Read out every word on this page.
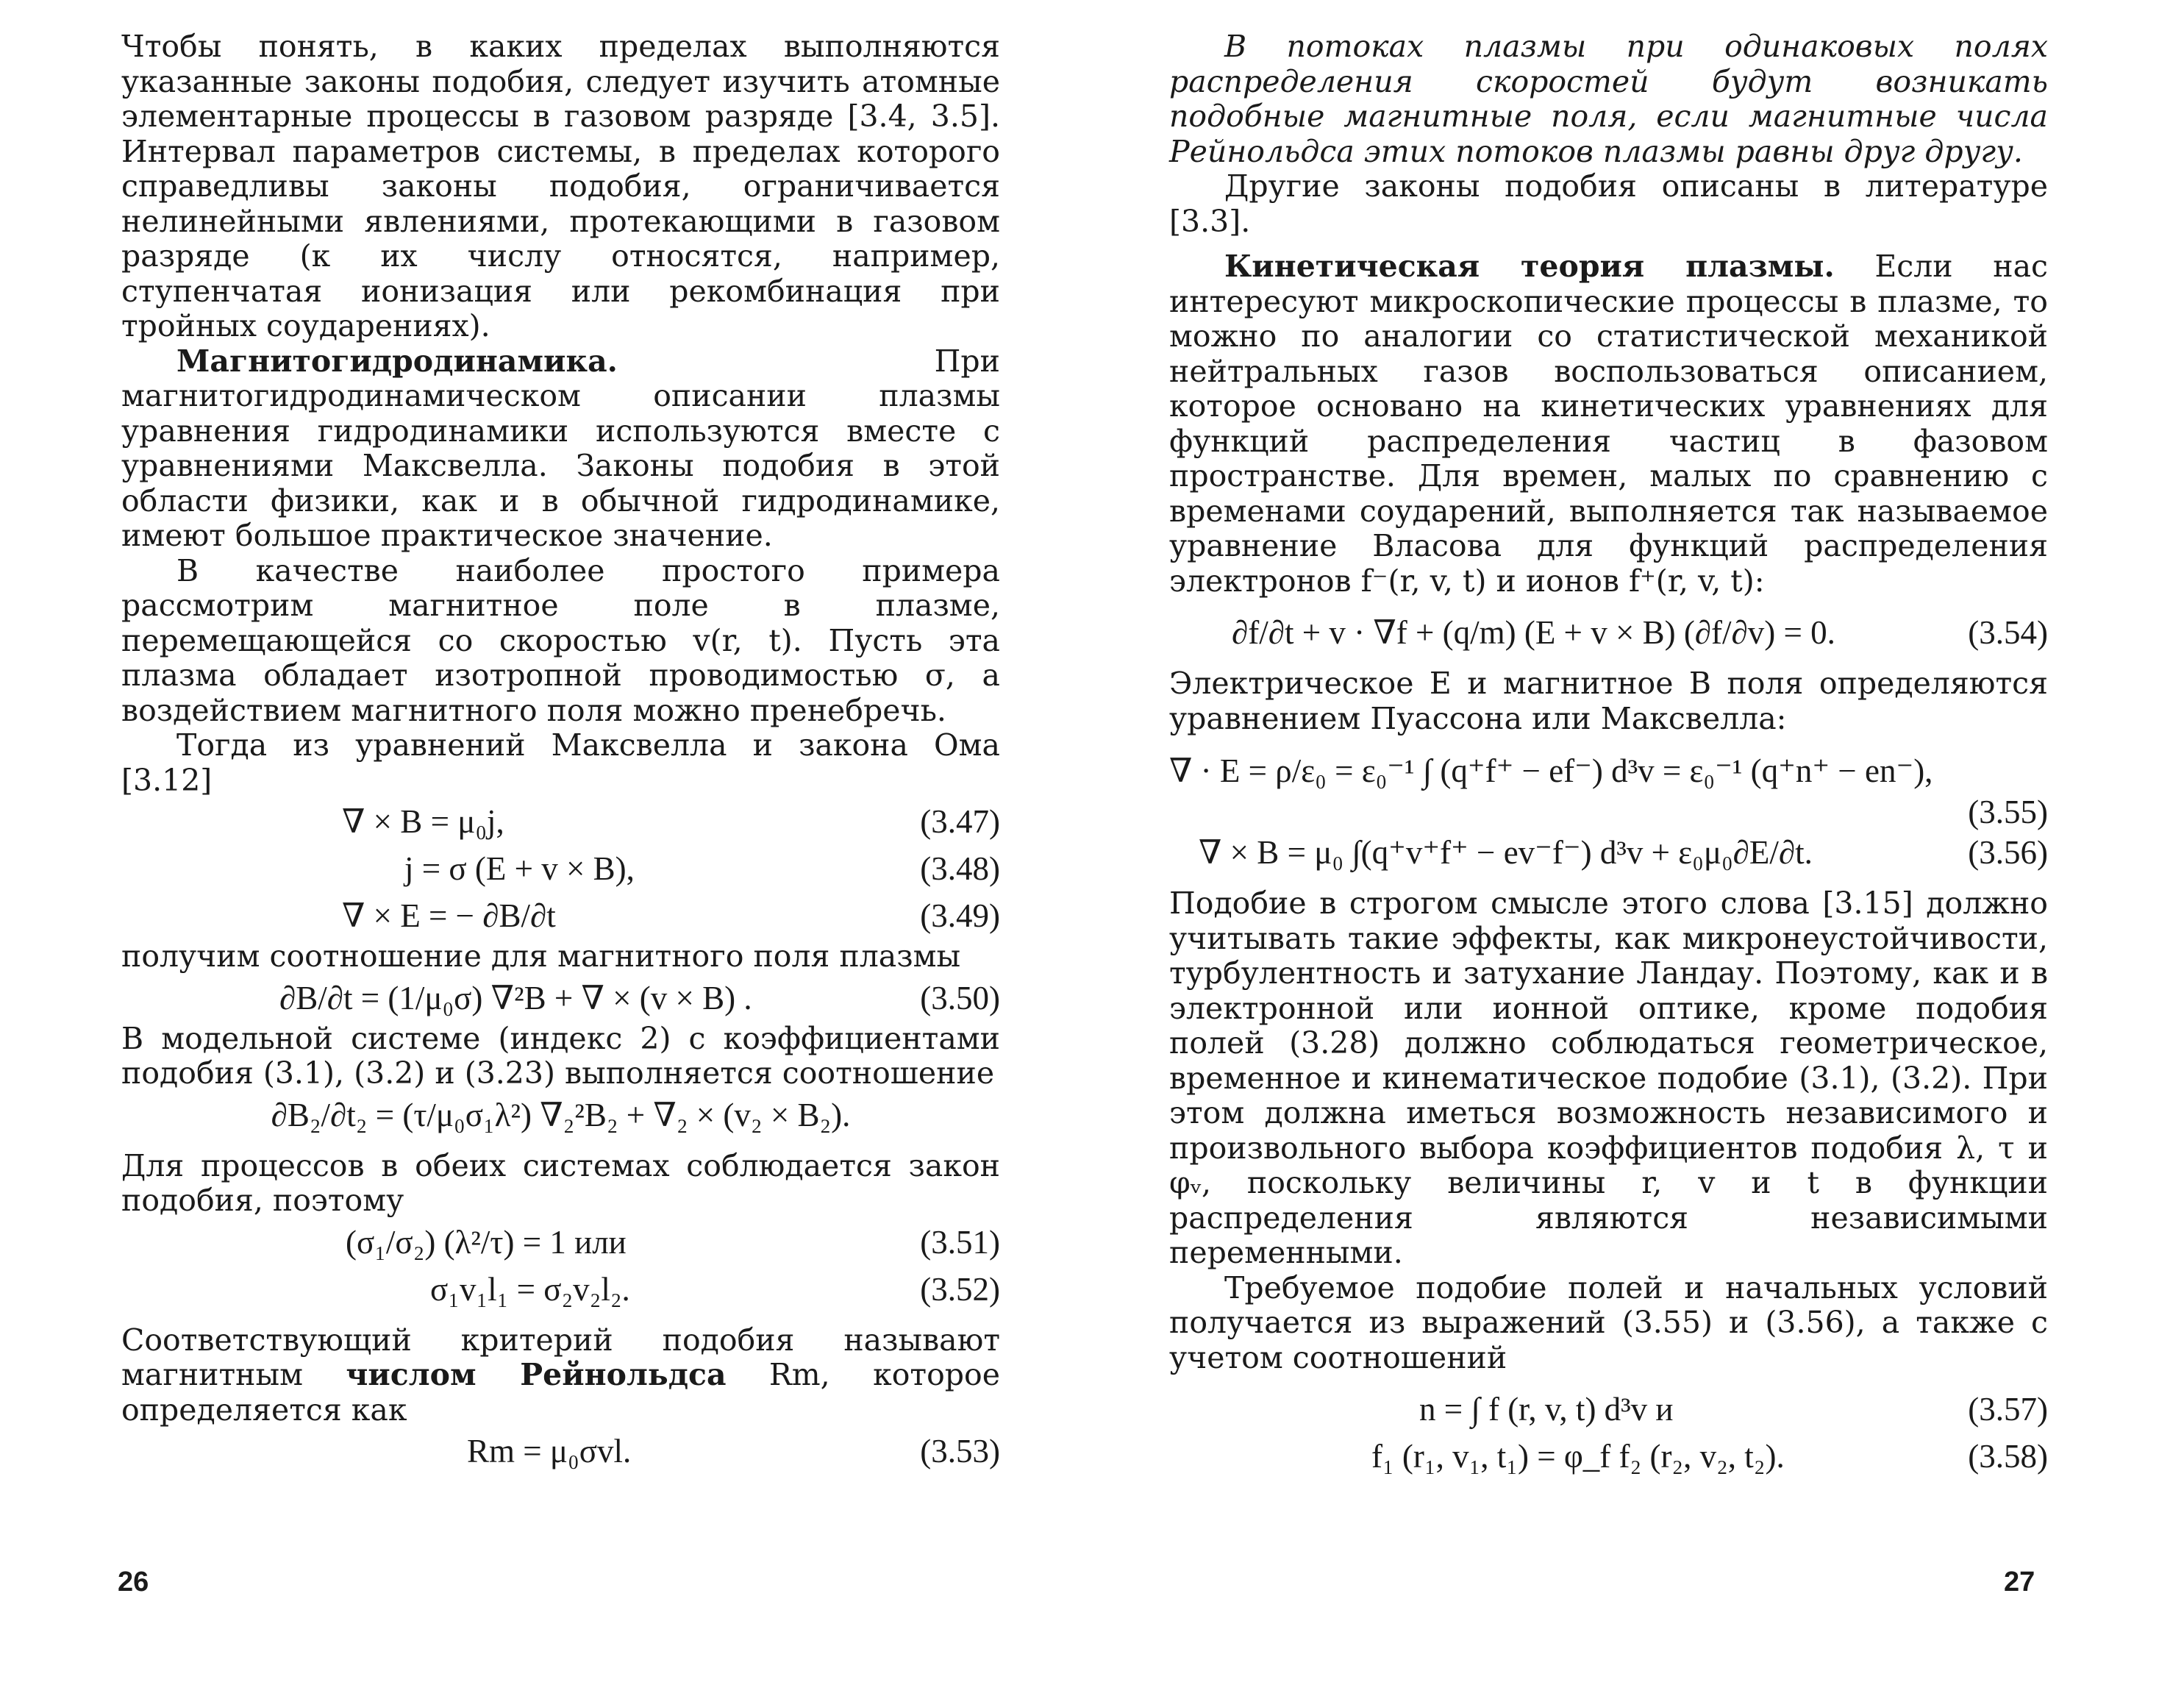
Чтобы понять, в каких пределах выполняются указанные законы подобия, следует изучить атомные элементарные процессы в газовом разряде [3.4, 3.5]. Интервал параметров системы, в пределах которого справедливы законы подобия, ограничивается нелинейными явлениями, протекающими в газовом разряде (к их числу относятся, например, ступенчатая ионизация или рекомбинация при тройных соударениях).

Магнитогидродинамика. При магнитогидродинамическом описании плазмы уравнения гидродинамики используются вместе с уравнениями Максвелла. Законы подобия в этой области физики, как и в обычной гидродинамике, имеют большое практическое значение.

В качестве наиболее простого примера рассмотрим магнитное поле в плазме, перемещающейся со скоростью v(r, t). Пусть эта плазма обладает изотропной проводимостью σ, а воздействием магнитного поля можно пренебречь.

Тогда из уравнений Максвелла и закона Ома [3.12]

∇ × B = μ₀j,	(3.47)
j = σ (E + v × B),	(3.48)
∇ × E = − ∂B/∂t	(3.49)

получим соотношение для магнитного поля плазмы

∂B/∂t = (1/μ₀σ) ∇²B + ∇ × (v × B) .	(3.50)

В модельной системе (индекс 2) с коэффициентами подобия (3.1), (3.2) и (3.23) выполняется соотношение

∂B₂/∂t₂ = (τ/μ₀σ₁λ²) ∇₂²B₂ + ∇₂ × (v₂ × B₂).

Для процессов в обеих системах соблюдается закон подобия, поэтому

(σ₁/σ₂) (λ²/τ) = 1 или	(3.51)
σ₁v₁l₁ = σ₂v₂l₂.	(3.52)

Соответствующий критерий подобия называют магнитным числом Рейнольдса Rm, которое определяется как

Rm = μ₀σvl.	(3.53)

В потоках плазмы при одинаковых полях распределения скоростей будут возникать подобные магнитные поля, если магнитные числа Рейнольдса этих потоков плазмы равны друг другу.

Другие законы подобия описаны в литературе [3.3].

Кинетическая теория плазмы. Если нас интересуют микроскопические процессы в плазме, то можно по аналогии со статистической механикой нейтральных газов воспользоваться описанием, которое основано на кинетических уравнениях для функций распределения частиц в фазовом пространстве. Для времен, малых по сравнению с временами соударений, выполняется так называемое уравнение Власова для функций распределения электронов f⁻(r, v, t) и ионов f⁺(r, v, t):

∂f/∂t + v · ∇f + (q/m) (E + v × B) (∂f/∂v) = 0.	(3.54)

Электрическое E и магнитное B поля определяются уравнением Пуассона или Максвелла:

∇ · E = ρ/ε₀ = ε₀⁻¹ ∫ (q⁺f⁺ − ef⁻) d³v = ε₀⁻¹ (q⁺n⁺ − en⁻),
(3.55)
∇ × B = μ₀ ∫(q⁺v⁺f⁺ − ev⁻f⁻) d³v + ε₀μ₀∂E/∂t.	(3.56)

Подобие в строгом смысле этого слова [3.15] должно учитывать такие эффекты, как микронеустойчивости, турбулентность и затухание Ландау. Поэтому, как и в электронной или ионной оптике, кроме подобия полей (3.28) должно соблюдаться геометрическое, временное и кинематическое подобие (3.1), (3.2). При этом должна иметься возможность независимого и произвольного выбора коэффициентов подобия λ, τ и φᵥ, поскольку величины r, v и t в функции распределения являются независимыми переменными.

Требуемое подобие полей и начальных условий получается из выражений (3.55) и (3.56), а также с учетом соотношений

n = ∫ f (r, v, t) d³v и	(3.57)
f₁ (r₁, v₁, t₁) = φ_f f₂ (r₂, v₂, t₂).	(3.58)
26	27
